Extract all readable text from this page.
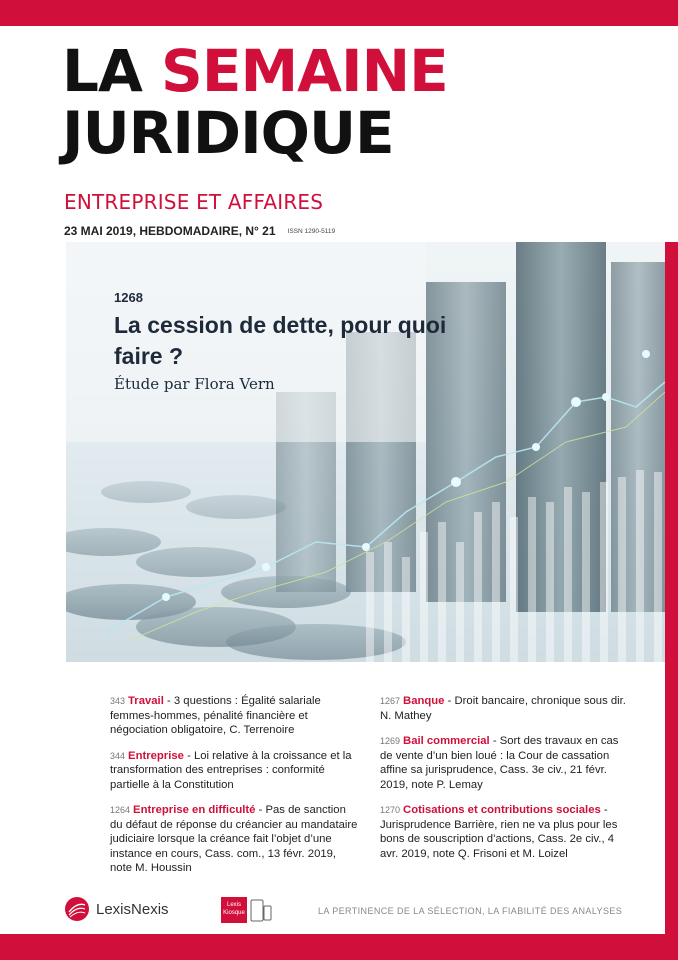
LA SEMAINE
JURIDIQUE
ENTREPRISE ET AFFAIRES
23 MAI 2019, HEBDOMADAIRE, N° 21 ISSN 1290-5119
1268
La cession de dette, pour quoi faire ?
Étude par Flora Vern
343 Travail - 3 questions : Égalité salariale femmes-hommes, pénalité financière et négociation obligatoire, C. Terrenoire
344 Entreprise - Loi relative à la croissance et la transformation des entreprises : conformité partielle à la Constitution
1264 Entreprise en difficulté - Pas de sanction du défaut de réponse du créancier au mandataire judiciaire lorsque la créance fait l’objet d’une instance en cours, Cass. com., 13 févr. 2019, note M. Houssin
1267 Banque - Droit bancaire, chronique sous dir. N. Mathey
1269 Bail commercial - Sort des travaux en cas de vente d’un bien loué : la Cour de cassation affine sa jurisprudence, Cass. 3e civ., 21 févr. 2019, note P. Lemay
1270 Cotisations et contributions sociales - Jurisprudence Barrière, rien ne va plus pour les bons de souscription d’actions, Cass. 2e civ., 4 avr. 2019, note Q. Frisoni et M. Loizel
LexisNexis	Lexis
Kiosque	LA PERTINENCE DE LA SÉLECTION, LA FIABILITÉ DES ANALYSES
